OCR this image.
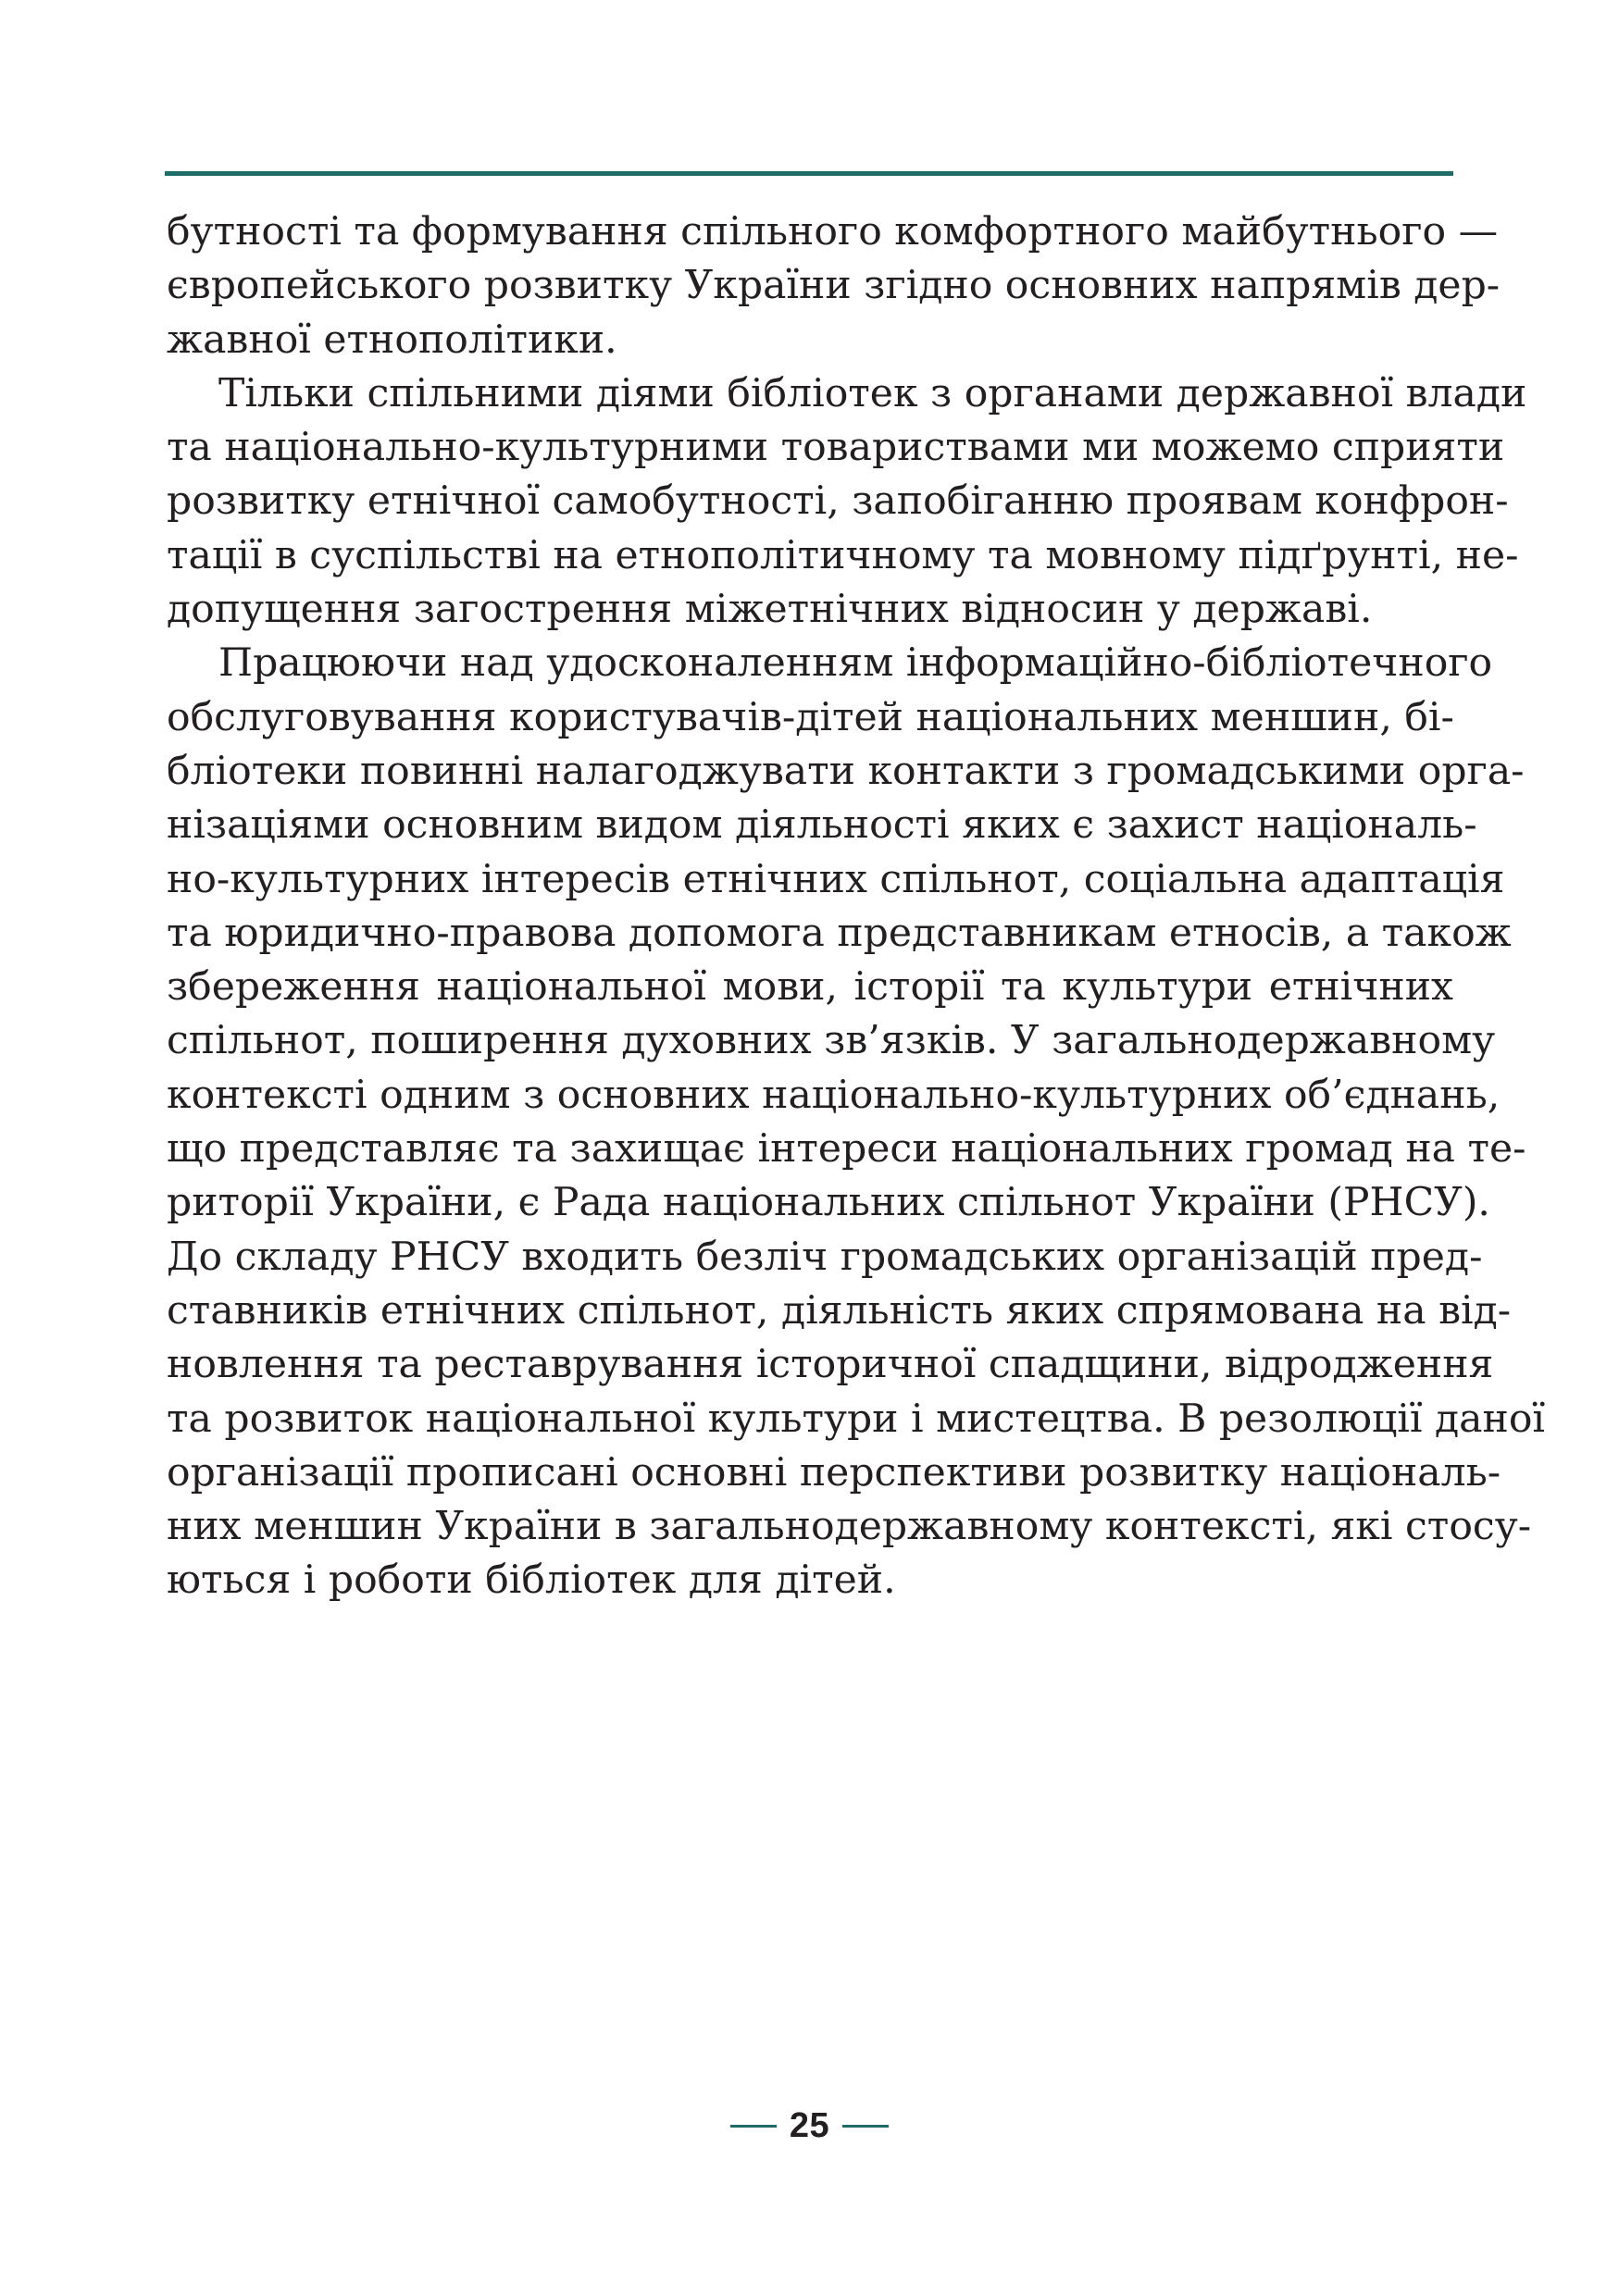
бутності та формування спільного комфортного майбутнього —
європейського розвитку України згідно основних напрямів дер-
жавної етнополітики.

Тільки спільними діями бібліотек з органами державної влади
та національно-культурними товариствами ми можемо сприяти
розвитку етнічної самобутності, запобіганню проявам конфрон-
тації в суспільстві на етнополітичному та мовному підґрунті, не-
допущення загострення міжетнічних відносин у державі.

Працюючи над удосконаленням інформаційно-бібліотечного
обслуговування користувачів-дітей національних меншин, бі-
бліотеки повинні налагоджувати контакти з громадськими орга-
нізаціями основним видом діяльності яких є захист національ-
но-культурних інтересів етнічних спільнот, соціальна адаптація
та юридично-правова допомога представникам етносів, а також
збереження національної мови, історії та культури етнічних
спільнот, поширення духовних зв’язків. У загальнодержавному
контексті одним з основних національно-культурних об’єднань,
що представляє та захищає інтереси національних громад на те-
риторії України, є Рада національних спільнот України (РНСУ).
До складу РНСУ входить безліч громадських організацій пред-
ставників етнічних спільнот, діяльність яких спрямована на від-
новлення та реставрування історичної спадщини, відродження
та розвиток національної культури і мистецтва. В резолюції даної
організації прописані основні перспективи розвитку національ-
них меншин України в загальнодержавному контексті, які стосу-
ються і роботи бібліотек для дітей.

25
